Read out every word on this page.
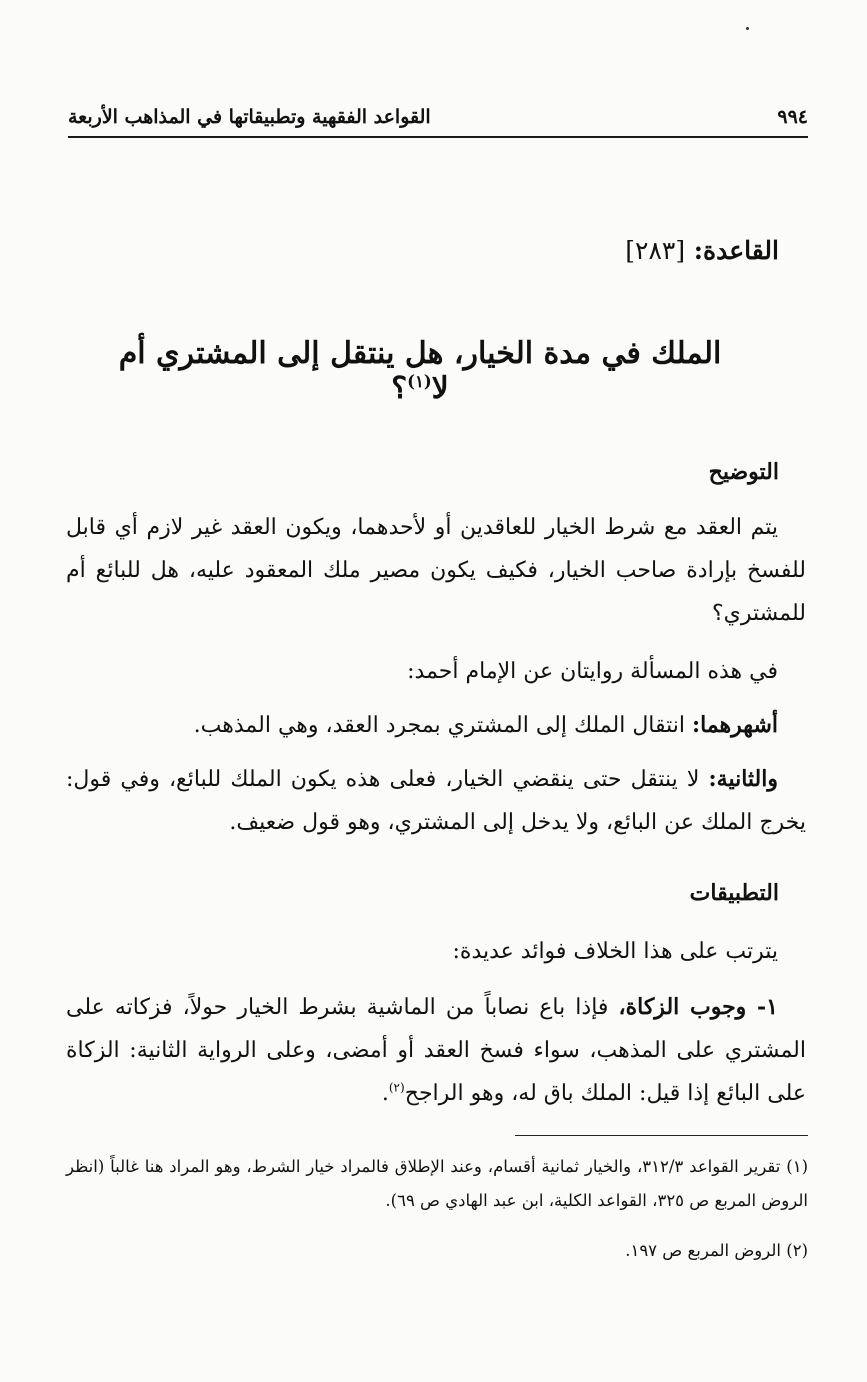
٩٩٤
القواعد الفقهية وتطبيقاتها في المذاهب الأربعة
القاعدة: [٢٨٣]
الملك في مدة الخيار، هل ينتقل إلى المشتري أم لا$^{(١)}$؟
التوضيح
يتم العقد مع شرط الخيار للعاقدين أو لأحدهما، ويكون العقد غير لازم أي قابل للفسخ بإرادة صاحب الخيار، فكيف يكون مصير ملك المعقود عليه، هل للبائع أم للمشتري؟
في هذه المسألة روايتان عن الإمام أحمد:
أشهرهما: انتقال الملك إلى المشتري بمجرد العقد، وهي المذهب.
والثانية: لا ينتقل حتى ينقضي الخيار، فعلى هذه يكون الملك للبائع، وفي قول: يخرج الملك عن البائع، ولا يدخل إلى المشتري، وهو قول ضعيف.
التطبيقات
يترتب على هذا الخلاف فوائد عديدة:
١- وجوب الزكاة، فإذا باع نصاباً من الماشية بشرط الخيار حولاً، فزكاته على المشتري على المذهب، سواء فسخ العقد أو أمضى، وعلى الرواية الثانية: الزكاة على البائع إذا قيل: الملك باق له، وهو الراجح$^{(٢)}$.
(١) تقرير القواعد ٣١٢/٣، والخيار ثمانية أقسام، وعند الإطلاق فالمراد خيار الشرط، وهو المراد هنا غالباً (انظر الروض المربع ص ٣٢٥، القواعد الكلية، ابن عبد الهادي ص ٦٩).
(٢) الروض المربع ص ١٩٧.
